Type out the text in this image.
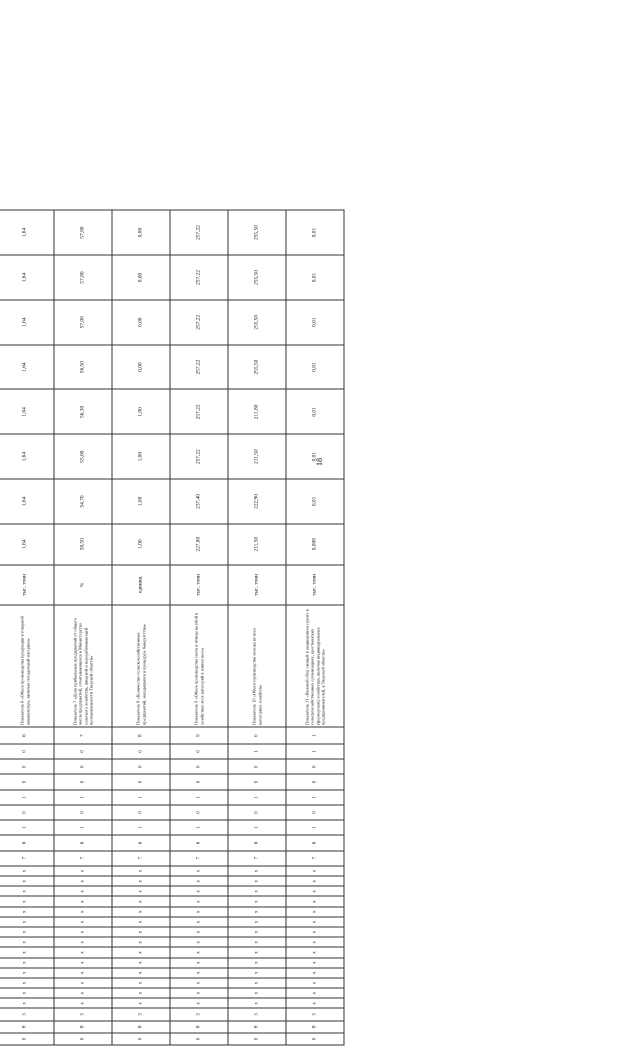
18

0	8	3	x	x	x	x	x	x	x	x	x	x	x	x	x	x	7	6	1	0	1	0	0	0	6	Показатель 6 «Объем производства продукции в товарной аквакультуре, включая посадочный материал»	тыс. тонн	1,64	1,64	1,64	1,64	1,64	1,64	1,64	1,64
0	8	3	x	x	x	x	x	x	x	x	x	x	x	x	x	x	7	6	1	0	1	0	0	0	7	Показатель 7 «Доля прибыльных предприятий от общего числа предприятий, отчитывающихся в Министерство сельского хозяйства, пищевой и перерабатывающей промышленности Тверской области»	%	58,50	54,70	55,00	56,30	56,50	57,00	57,80	57,80
0	8	3	x	x	x	x	x	x	x	x	x	x	x	x	x	x	7	6	1	0	1	0	0	0	8	Показатель 8 «Количество сельскохозяйственных предприятий, находящихся в процедуре банкротства»	единиц	1,00	1,00	1,00	1,00	0,00	0,00	0,00	0,00
0	8	3	x	x	x	x	x	x	x	x	x	x	x	x	x	x	7	6	1	0	1	0	0	0	9	Показатель 9 «Объем производства скота и птицы на убой в хозяйствах всех категорий в живом весе»	тыс. тонн	227,80	237,40	257,22	257,22	257,22	257,22	257,22	257,22
0	8	3	x	x	x	x	x	x	x	x	x	x	x	x	x	x	7	6	1	0	1	0	0	1	0	Показатель 10 «Объем производства молока во всех категориях хозяйств»	тыс. тонн	211,50	222,90	211,50	211,80	255,50	255,50	255,50	255,50
0	8	3	x	x	x	x	x	x	x	x	x	x	x	x	x	x	7	6	1	0	1	0	0	1	1	Показатель 11 «Валовой сбор овощей в защищенном грунте в сельскохозяйственных организациях, крестьянских (фермерских) хозяйствах, включая индивидуальных предпринимателей, в Тверской области»	тыс. тонн	0,008	0,01	0,01	0,01	0,01	0,01	0,01	0,01
